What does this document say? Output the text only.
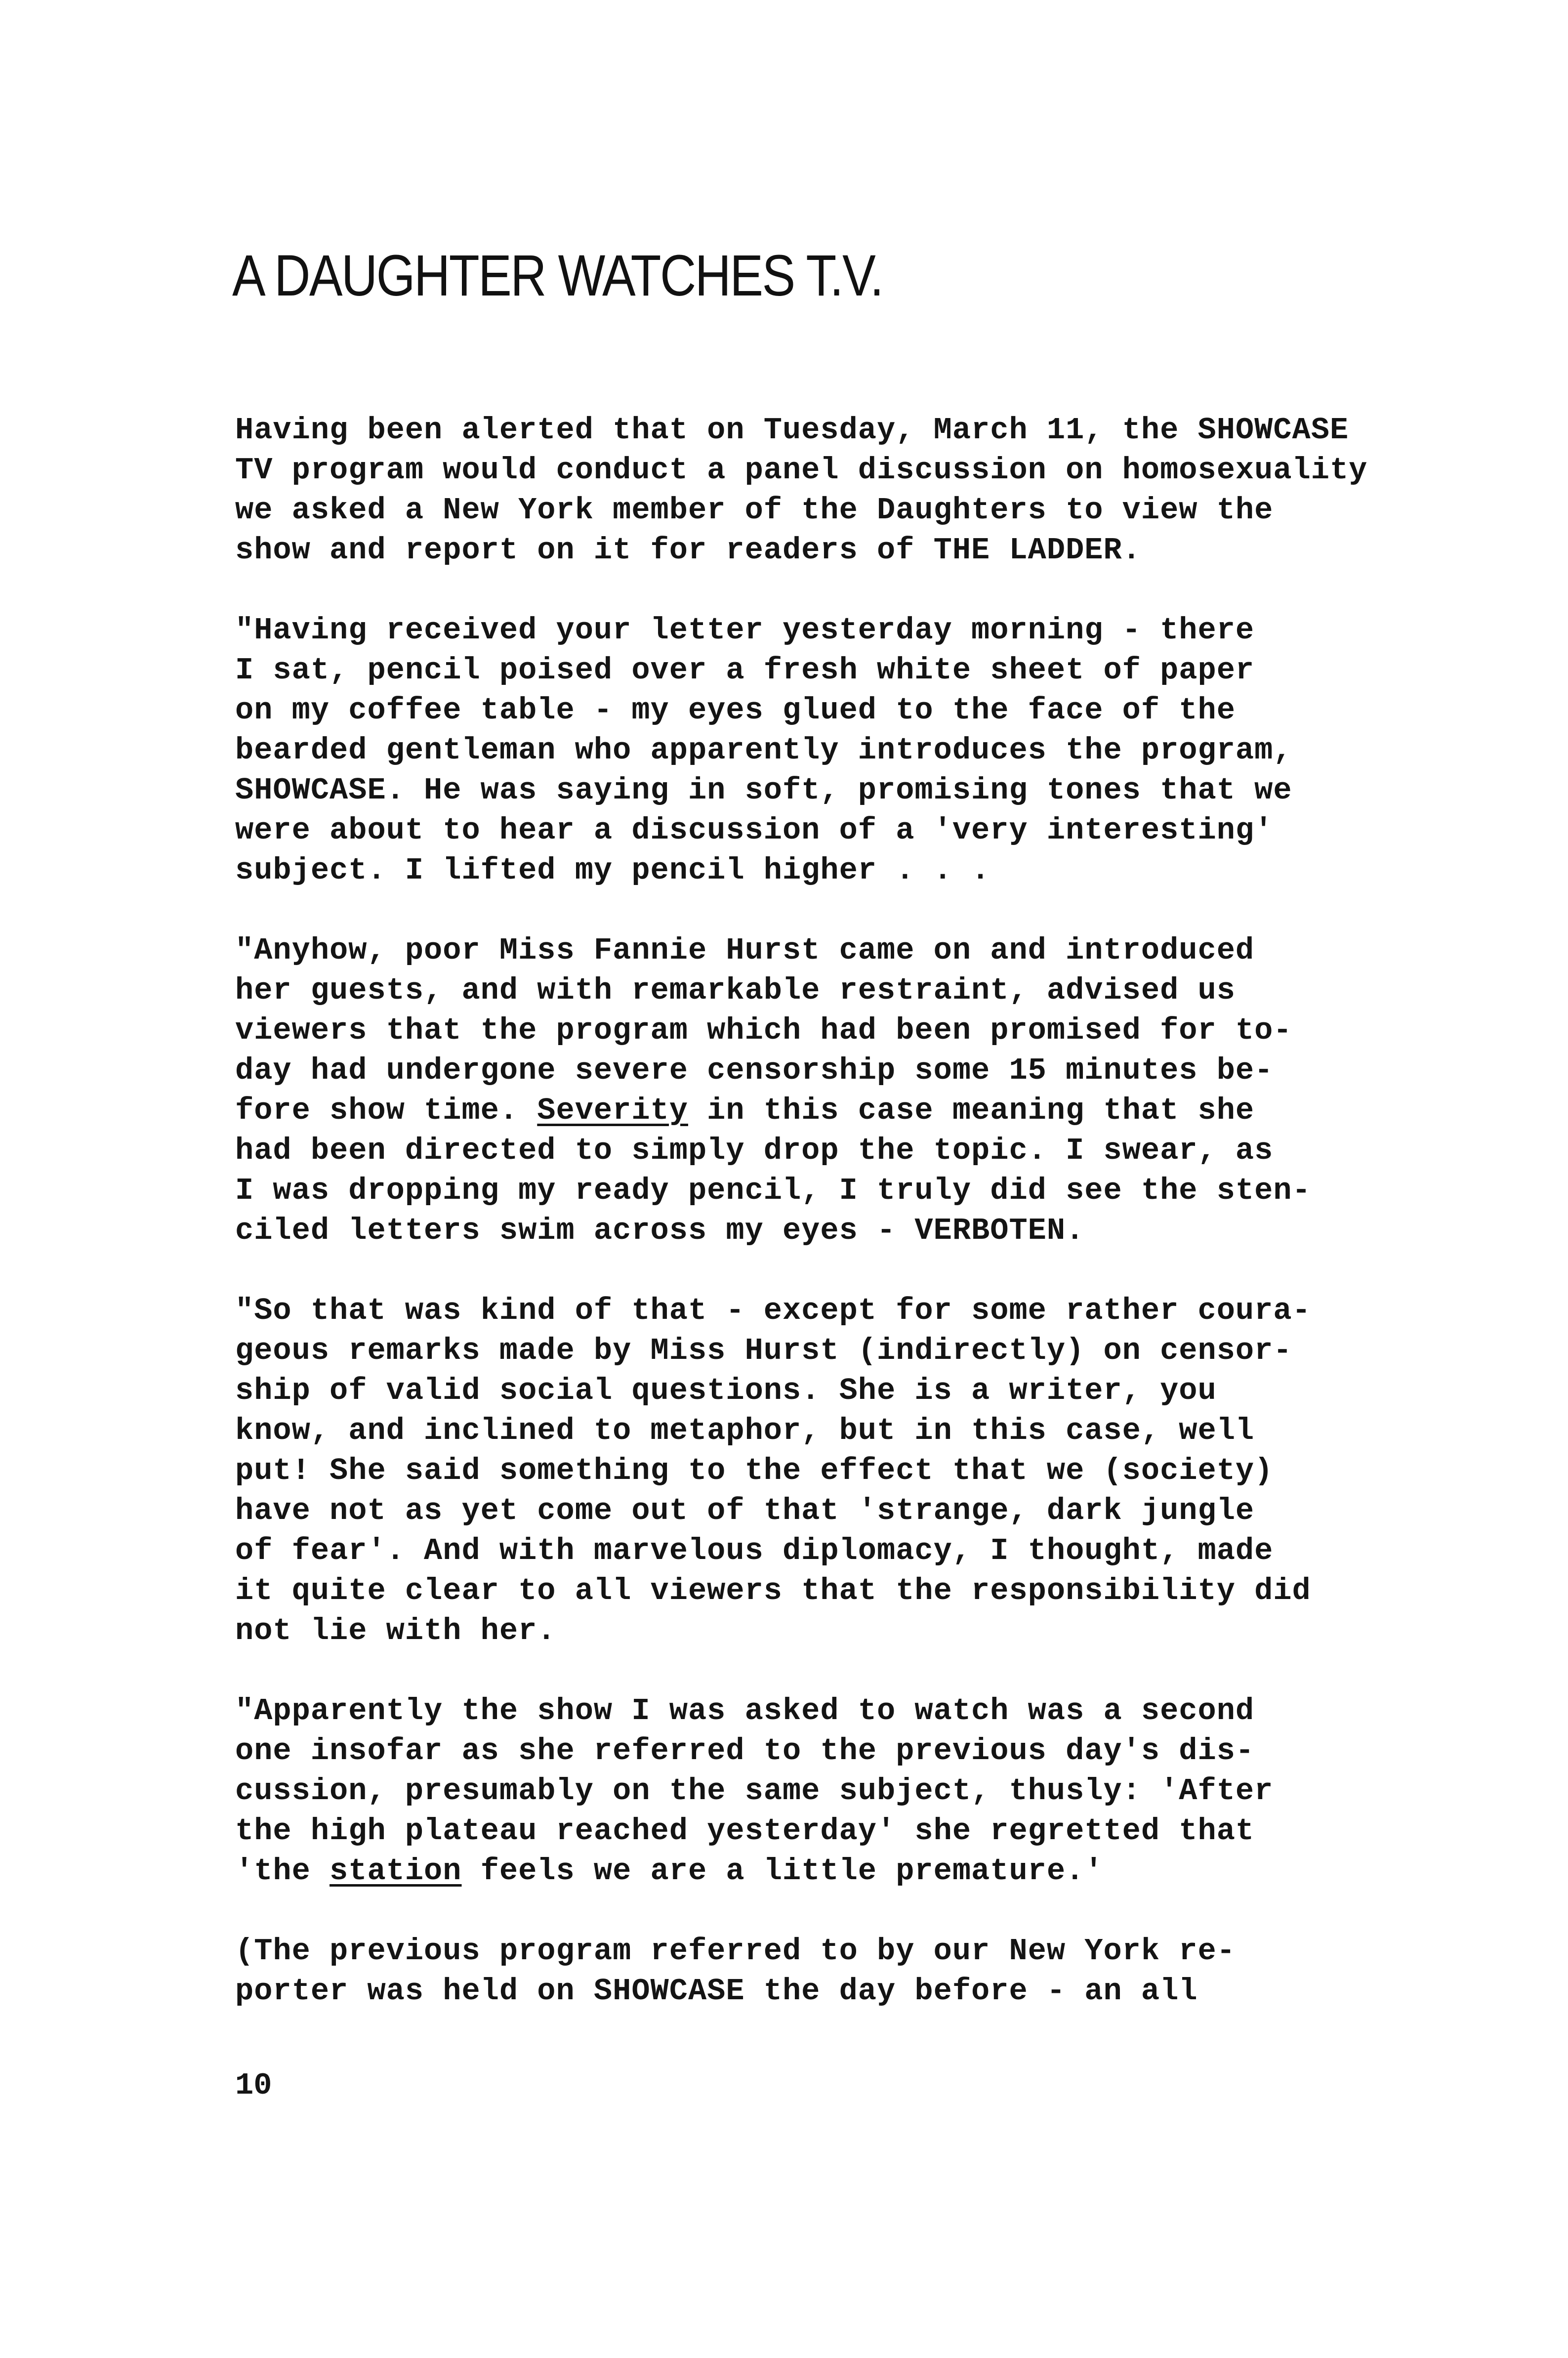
A DAUGHTER WATCHES T.V.

Having been alerted that on Tuesday, March 11, the SHOWCASE
TV program would conduct a panel discussion on homosexuality
we asked a New York member of the Daughters to view the
show and report on it for readers of THE LADDER.

"Having received your letter yesterday morning - there
I sat, pencil poised over a fresh white sheet of paper
on my coffee table - my eyes glued to the face of the
bearded gentleman who apparently introduces the program,
SHOWCASE. He was saying in soft, promising tones that we
were about to hear a discussion of a 'very interesting'
subject. I lifted my pencil higher . . .

"Anyhow, poor Miss Fannie Hurst came on and introduced
her guests, and with remarkable restraint, advised us
viewers that the program which had been promised for to-
day had undergone severe censorship some 15 minutes be-
fore show time. Severity in this case meaning that she
had been directed to simply drop the topic. I swear, as
I was dropping my ready pencil, I truly did see the sten-
ciled letters swim across my eyes - VERBOTEN.

"So that was kind of that - except for some rather coura-
geous remarks made by Miss Hurst (indirectly) on censor-
ship of valid social questions. She is a writer, you
know, and inclined to metaphor, but in this case, well
put! She said something to the effect that we (society)
have not as yet come out of that 'strange, dark jungle
of fear'. And with marvelous diplomacy, I thought, made
it quite clear to all viewers that the responsibility did
not lie with her.

"Apparently the show I was asked to watch was a second
one insofar as she referred to the previous day's dis-
cussion, presumably on the same subject, thusly: 'After
the high plateau reached yesterday' she regretted that
'the station feels we are a little premature.'

(The previous program referred to by our New York re-
porter was held on SHOWCASE the day before - an all

10
